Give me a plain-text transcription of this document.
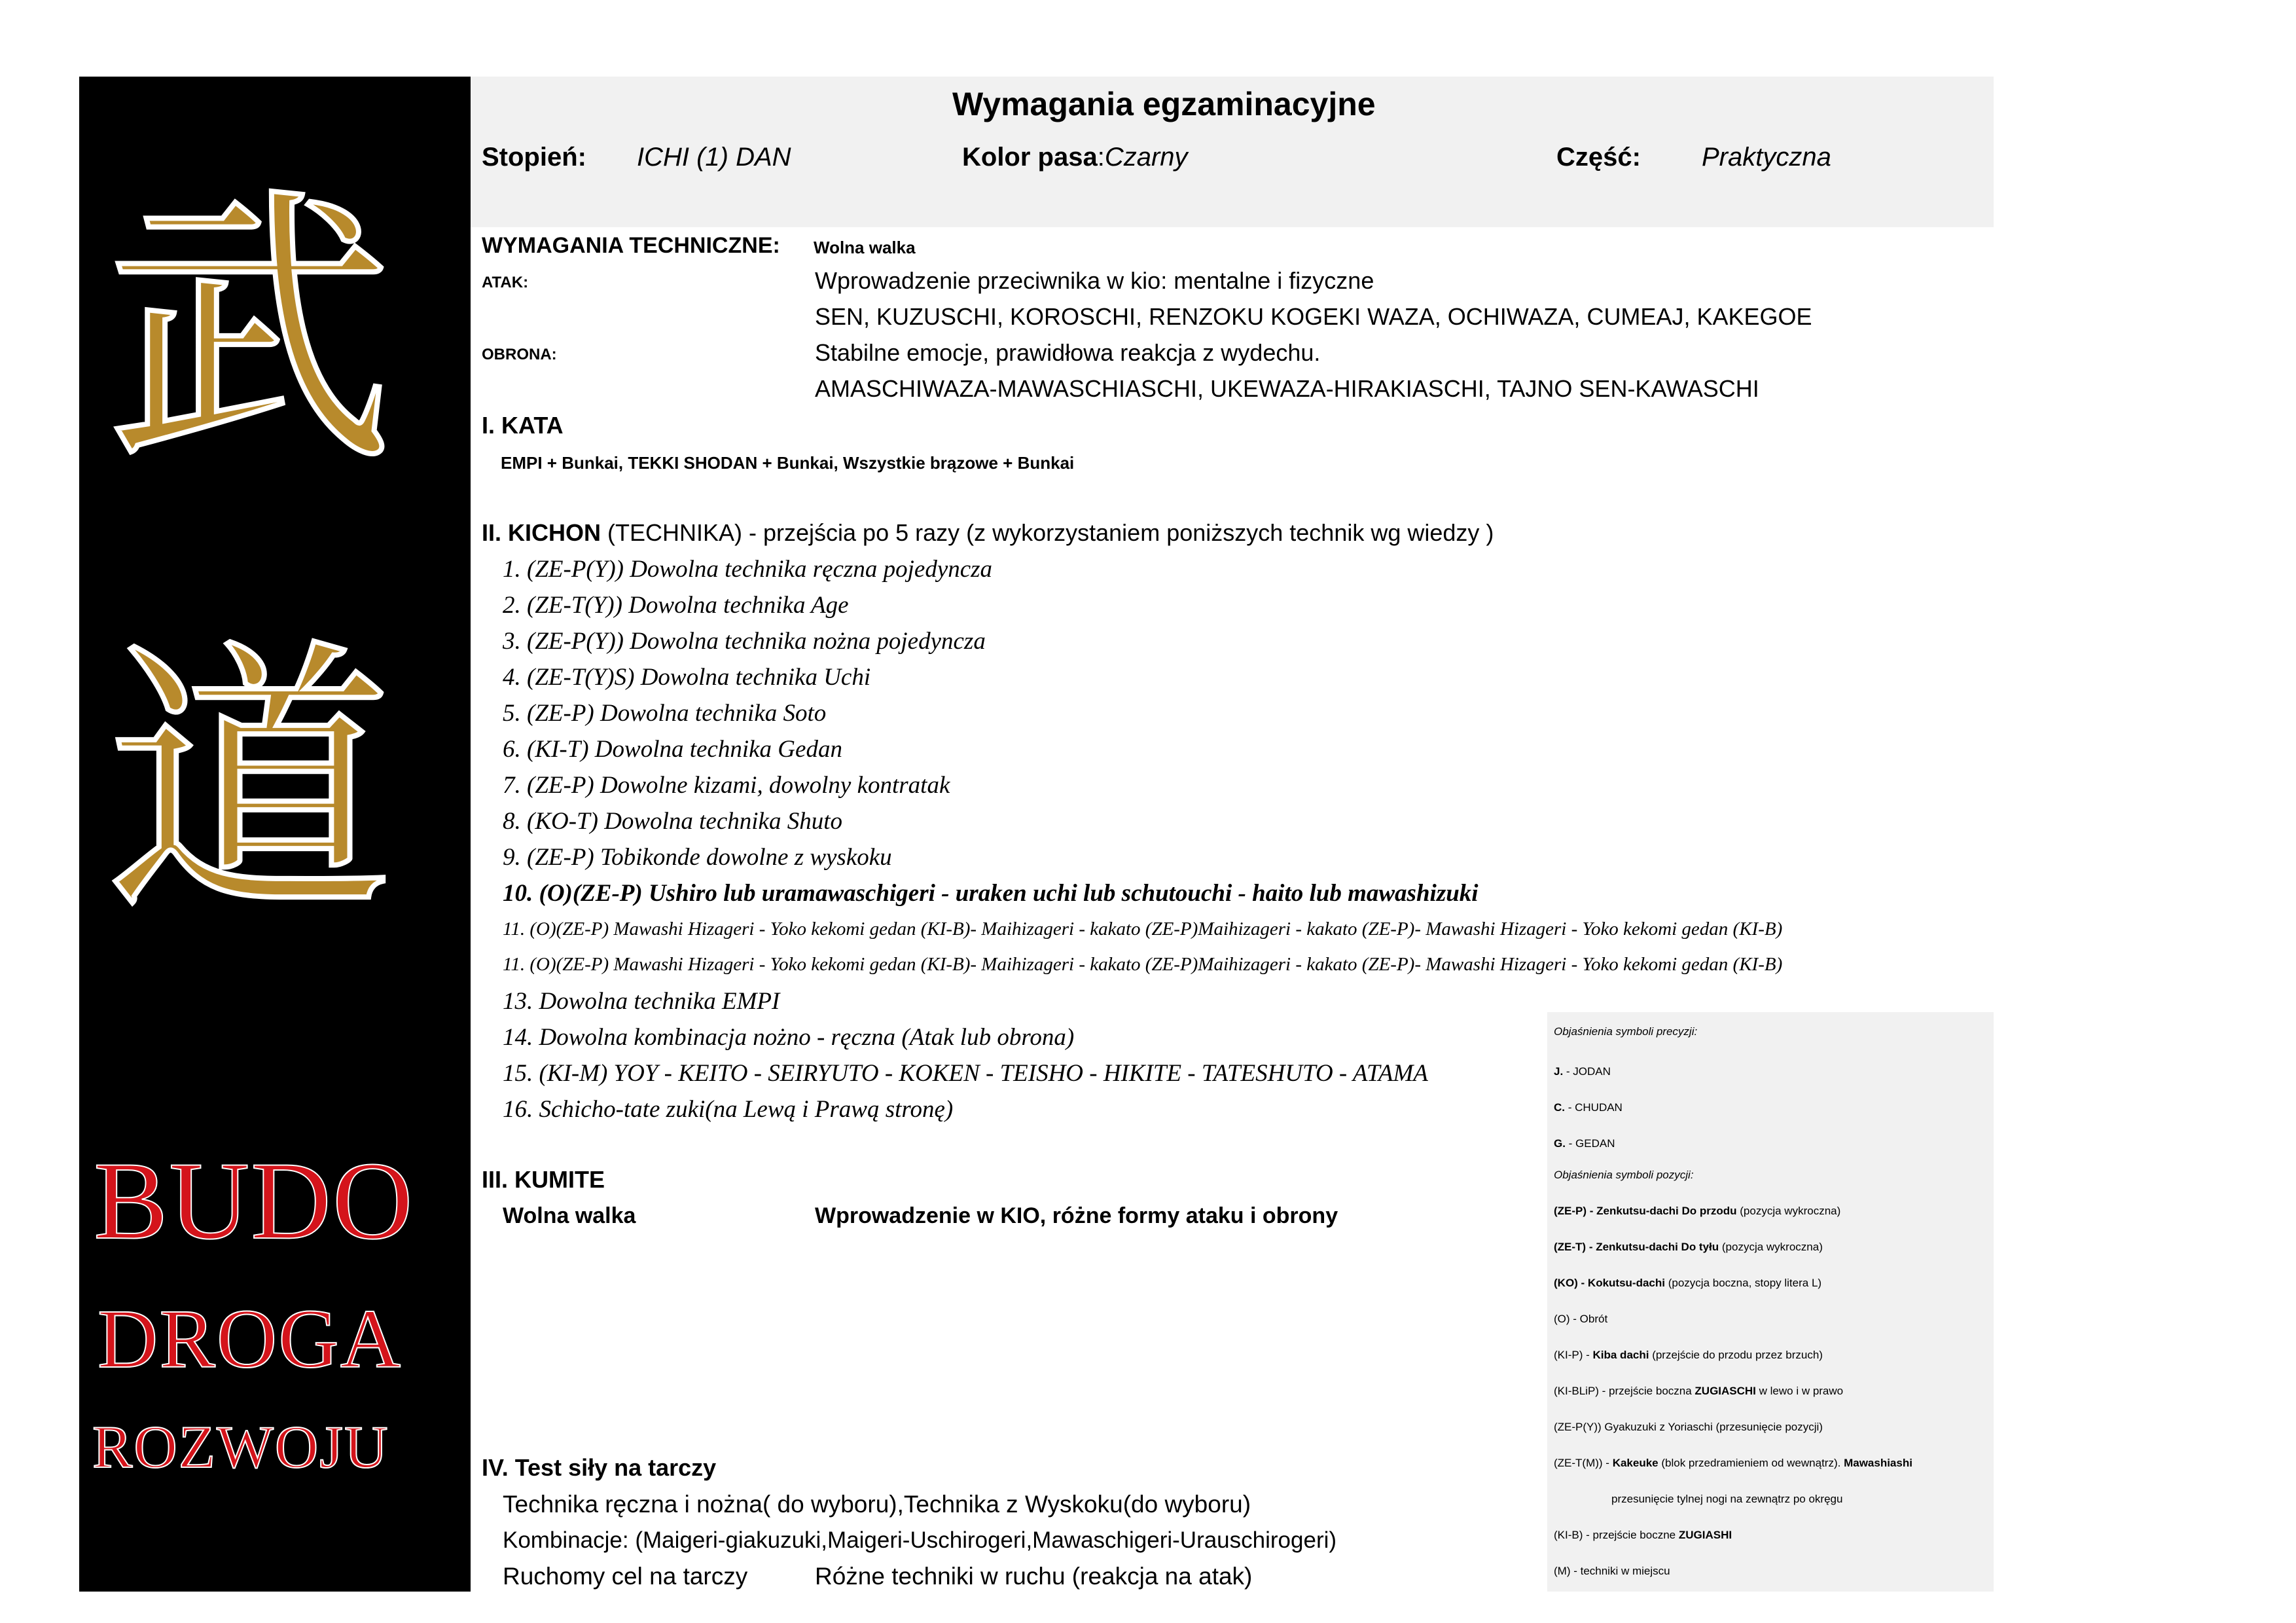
武
道
BUDO
DROGA
ROZWOJU
Wymagania egzaminacyjne
Stopień: ICHI (1) DAN	Kolor pasa:Czarny	Część: Praktyczna
WYMAGANIA TECHNICZNE: Wolna walka
ATAK:	Wprowadzenie przeciwnika w kio: mentalne i fizyczne
SEN, KUZUSCHI, KOROSCHI, RENZOKU KOGEKI WAZA, OCHIWAZA, CUMEAJ, KAKEGOE
OBRONA:	Stabilne emocje, prawidłowa reakcja z wydechu.
AMASCHIWAZA-MAWASCHIASCHI, UKEWAZA-HIRAKIASCHI, TAJNO SEN-KAWASCHI
I. KATA
EMPI + Bunkai, TEKKI SHODAN + Bunkai, Wszystkie brązowe + Bunkai
II. KICHON (TECHNIKA) - przejścia po 5 razy (z wykorzystaniem poniższych technik wg wiedzy )
1. (ZE-P(Y)) Dowolna technika ręczna pojedyncza
2. (ZE-T(Y)) Dowolna technika Age
3. (ZE-P(Y)) Dowolna technika nożna pojedyncza
4. (ZE-T(Y)S) Dowolna technika Uchi
5. (ZE-P) Dowolna technika Soto
6. (KI-T) Dowolna technika Gedan
7. (ZE-P) Dowolne kizami, dowolny kontratak
8. (KO-T) Dowolna technika Shuto
9. (ZE-P) Tobikonde dowolne z wyskoku
10. (O)(ZE-P) Ushiro lub uramawaschigeri - uraken uchi lub schutouchi - haito lub mawashizuki
11. (O)(ZE-P) Mawashi Hizageri - Yoko kekomi gedan (KI-B)- Maihizageri - kakato (ZE-P)Maihizageri - kakato (ZE-P)- Mawashi Hizageri - Yoko kekomi gedan (KI-B)
11. (O)(ZE-P) Mawashi Hizageri - Yoko kekomi gedan (KI-B)- Maihizageri - kakato (ZE-P)Maihizageri - kakato (ZE-P)- Mawashi Hizageri - Yoko kekomi gedan (KI-B)
13. Dowolna technika EMPI
14. Dowolna kombinacja nożno - ręczna (Atak lub obrona)
15. (KI-M) YOY - KEITO - SEIRYUTO - KOKEN - TEISHO - HIKITE - TATESHUTO - ATAMA
16. Schicho-tate zuki(na Lewą i Prawą stronę)
III. KUMITE
Wolna walka	Wprowadzenie w KIO, różne formy ataku i obrony
IV. Test siły na tarczy
Technika ręczna i nożna( do wyboru),Technika z Wyskoku(do wyboru)
Kombinacje: (Maigeri-giakuzuki,Maigeri-Uschirogeri,Mawaschigeri-Urauschirogeri)
Ruchomy cel na tarczy	Różne techniki w ruchu (reakcja na atak)
Objaśnienia symboli precyzji:
J. - JODAN
C. - CHUDAN
G. - GEDAN
Objaśnienia symboli pozycji:
(ZE-P) - Zenkutsu-dachi Do przodu (pozycja wykroczna)
(ZE-T) - Zenkutsu-dachi Do tyłu (pozycja wykroczna)
(KO) - Kokutsu-dachi (pozycja boczna, stopy litera L)
(O) - Obrót
(KI-P) - Kiba dachi (przejście do przodu przez brzuch)
(KI-BLiP) - przejście boczna ZUGIASCHI w lewo i w prawo
(ZE-P(Y)) Gyakuzuki z Yoriaschi (przesunięcie pozycji)
(ZE-T(M)) - Kakeuke (blok przedramieniem od wewnątrz). Mawashiashi
przesunięcie tylnej nogi na zewnątrz po okręgu
(KI-B) - przejście boczne ZUGIASHI
(M) - techniki w miejscu
